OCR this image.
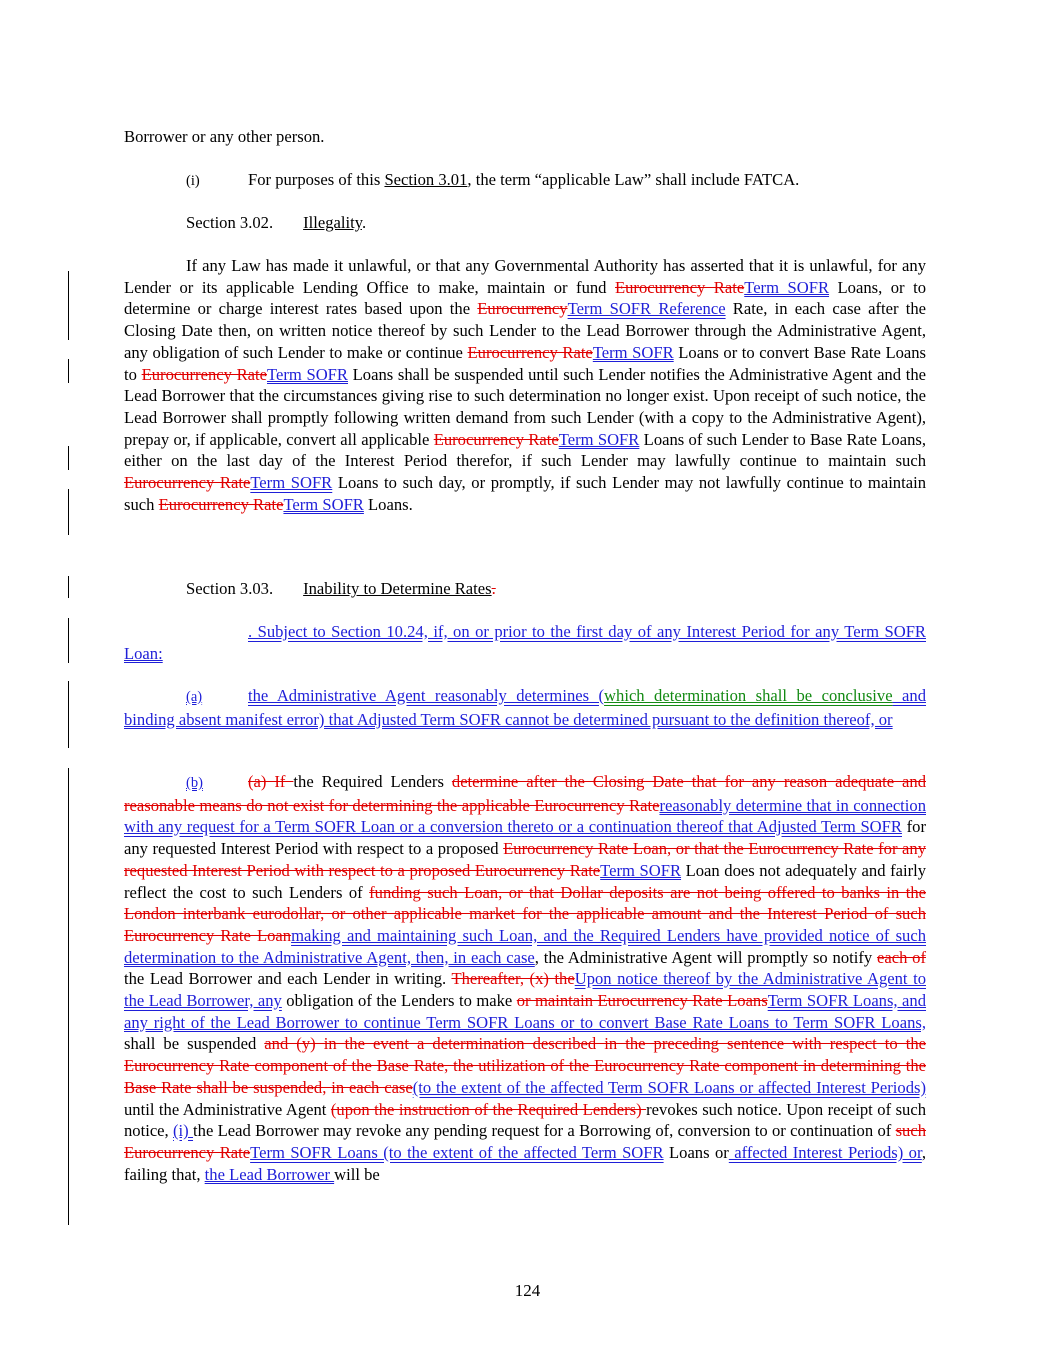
Borrower or any other person.
(i)	For purposes of this Section 3.01, the term “applicable Law” shall include FATCA.
Section 3.02. Illegality.

If any Law has made it unlawful, or that any Governmental Authority has asserted that it is unlawful, for any Lender or its applicable Lending Office to make, maintain or fund Eurocurrency RateTerm SOFR Loans, or to determine or charge interest rates based upon the EurocurrencyTerm SOFR Reference Rate, in each case after the Closing Date then, on written notice thereof by such Lender to the Lead Borrower through the Administrative Agent, any obligation of such Lender to make or continue Eurocurrency RateTerm SOFR Loans or to convert Base Rate Loans to Eurocurrency RateTerm SOFR Loans shall be suspended until such Lender notifies the Administrative Agent and the Lead Borrower that the circumstances giving rise to such determination no longer exist. Upon receipt of such notice, the Lead Borrower shall promptly following written demand from such Lender (with a copy to the Administrative Agent), prepay or, if applicable, convert all applicable Eurocurrency RateTerm SOFR Loans of such Lender to Base Rate Loans, either on the last day of the Interest Period therefor, if such Lender may lawfully continue to maintain such Eurocurrency RateTerm SOFR Loans to such day, or promptly, if such Lender may not lawfully continue to maintain such Eurocurrency RateTerm SOFR Loans.

Section 3.03. Inability to Determine Rates.

. Subject to Section 10.24, if, on or prior to the first day of any Interest Period for any Term SOFR Loan:

(a)	the Administrative Agent reasonably determines (which determination shall be conclusive and binding absent manifest error) that Adjusted Term SOFR cannot be determined pursuant to the definition thereof, or

(b)	(a) If the Required Lenders determine after the Closing Date that for any reason adequate and reasonable means do not exist for determining the applicable Eurocurrency Ratereasonably determine that in connection with any request for a Term SOFR Loan or a conversion thereto or a continuation thereof that Adjusted Term SOFR for any requested Interest Period with respect to a proposed Eurocurrency Rate Loan, or that the Eurocurrency Rate for any requested Interest Period with respect to a proposed Eurocurrency RateTerm SOFR Loan does not adequately and fairly reflect the cost to such Lenders of funding such Loan, or that Dollar deposits are not being offered to banks in the London interbank eurodollar, or other applicable market for the applicable amount and the Interest Period of such Eurocurrency Rate Loanmaking and maintaining such Loan, and the Required Lenders have provided notice of such determination to the Administrative Agent, then, in each case, the Administrative Agent will promptly so notify each of the Lead Borrower and each Lender in writing. Thereafter, (x) theUpon notice thereof by the Administrative Agent to the Lead Borrower, any obligation of the Lenders to make or maintain Eurocurrency Rate LoansTerm SOFR Loans, and any right of the Lead Borrower to continue Term SOFR Loans or to convert Base Rate Loans to Term SOFR Loans, shall be suspended and (y) in the event a determination described in the preceding sentence with respect to the Eurocurrency Rate component of the Base Rate, the utilization of the Eurocurrency Rate component in determining the Base Rate shall be suspended, in each case(to the extent of the affected Term SOFR Loans or affected Interest Periods) until the Administrative Agent (upon the instruction of the Required Lenders) revokes such notice. Upon receipt of such notice, (i) the Lead Borrower may revoke any pending request for a Borrowing of, conversion to or continuation of such Eurocurrency RateTerm SOFR Loans (to the extent of the affected Term SOFR Loans or affected Interest Periods) or, failing that, the Lead Borrower will be

124
